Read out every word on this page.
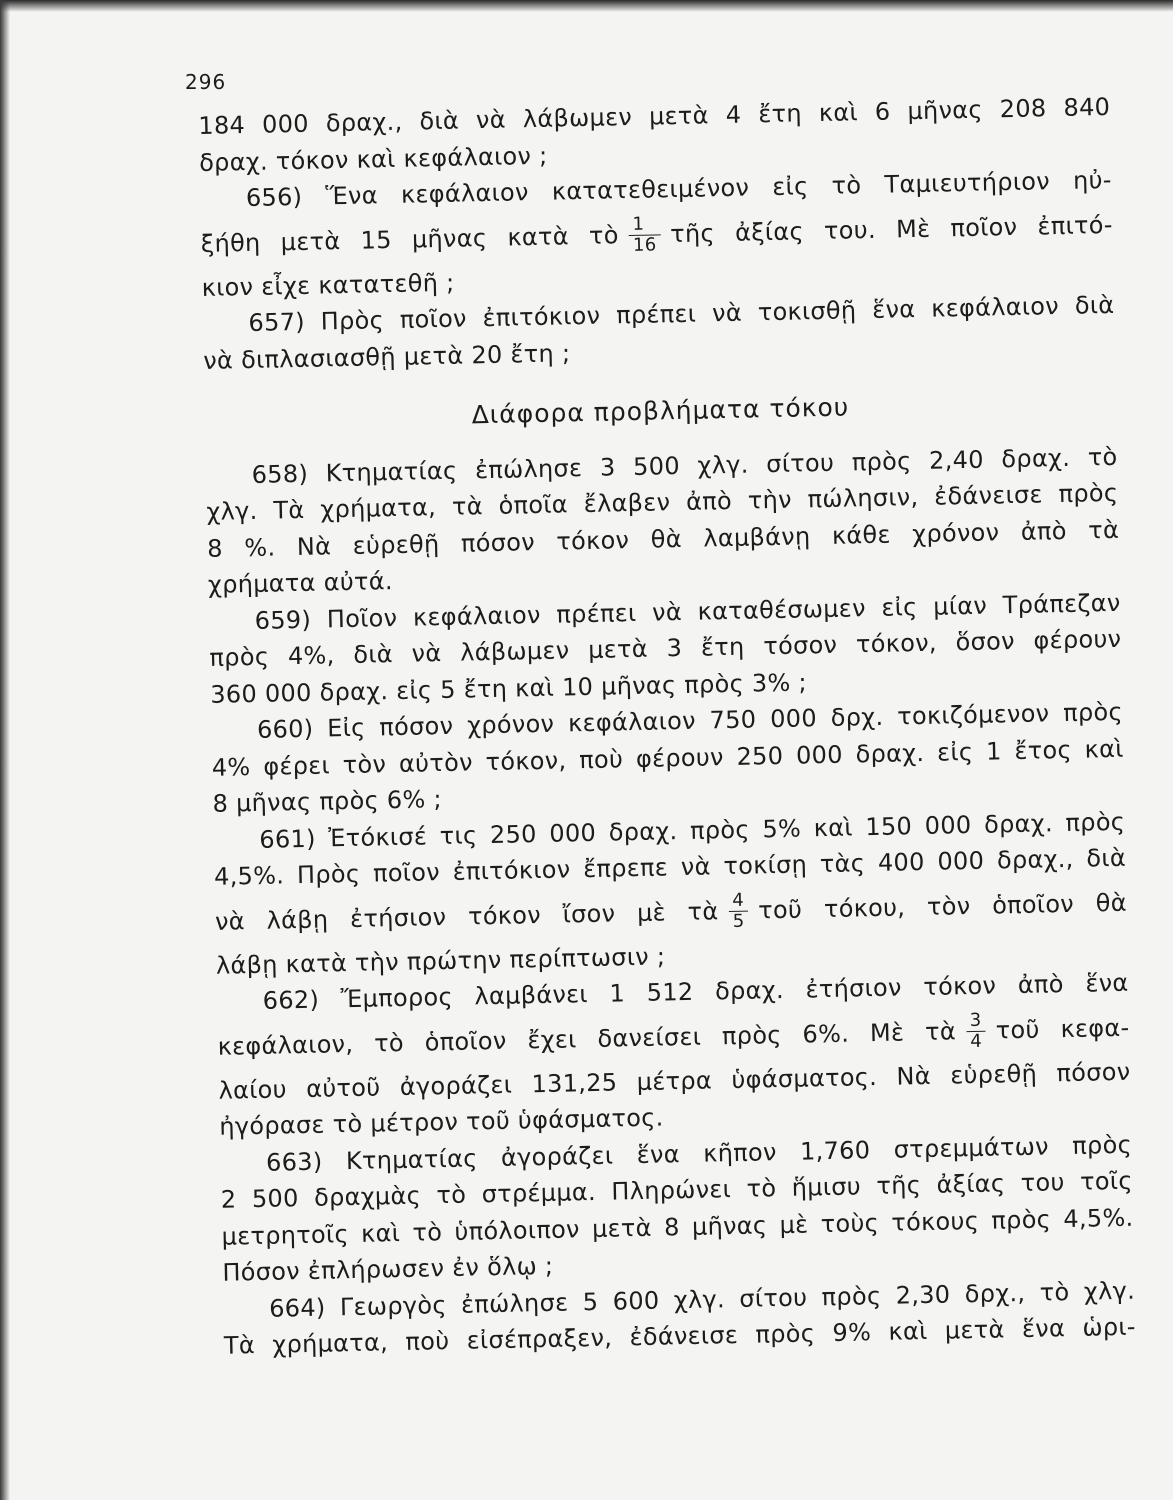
296
184 000 δραχ., διὰ νὰ λάβωμεν μετὰ 4 ἔτη καὶ 6 μῆνας 208 840
δραχ. τόκον καὶ κεφάλαιον ;
656) Ἕνα κεφάλαιον κατατεθειμένον εἰς τὸ Ταμιευτήριον ηὐ-
ξήθη μετὰ 15 μῆνας κατὰ τὸ $\frac{1}{16}$ τῆς ἀξίας του. Μὲ ποῖον ἐπιτό-
κιον εἶχε κατατεθῆ ;
657) Πρὸς ποῖον ἐπιτόκιον πρέπει νὰ τοκισθῇ ἕνα κεφάλαιον διὰ
νὰ διπλασιασθῇ μετὰ 20 ἔτη ;
Διάφορα προβλήματα τόκου
658) Κτηματίας ἐπώλησε 3 500 χλγ. σίτου πρὸς 2,40 δραχ. τὸ
χλγ. Τὰ χρήματα, τὰ ὁποῖα ἔλαβεν ἀπὸ τὴν πώλησιν, ἐδάνεισε πρὸς
8 %. Νὰ εὑρεθῇ πόσον τόκον θὰ λαμβάνῃ κάθε χρόνον ἀπὸ τὰ
χρήματα αὐτά.
659) Ποῖον κεφάλαιον πρέπει νὰ καταθέσωμεν εἰς μίαν Τράπεζαν
πρὸς 4%, διὰ νὰ λάβωμεν μετὰ 3 ἔτη τόσον τόκον, ὅσον φέρουν
360 000 δραχ. εἰς 5 ἔτη καὶ 10 μῆνας πρὸς 3% ;
660) Εἰς πόσον χρόνον κεφάλαιον 750 000 δρχ. τοκιζόμενον πρὸς
4% φέρει τὸν αὐτὸν τόκον, ποὺ φέρουν 250 000 δραχ. εἰς 1 ἔτος καὶ
8 μῆνας πρὸς 6% ;
661) Ἐτόκισέ τις 250 000 δραχ. πρὸς 5% καὶ 150 000 δραχ. πρὸς
4,5%. Πρὸς ποῖον ἐπιτόκιον ἔπρεπε νὰ τοκίσῃ τὰς 400 000 δραχ., διὰ
νὰ λάβῃ ἐτήσιον τόκον ἴσον μὲ τὰ $\frac{4}{5}$ τοῦ τόκου, τὸν ὁποῖον θὰ
λάβῃ κατὰ τὴν πρώτην περίπτωσιν ;
662) Ἔμπορος λαμβάνει 1 512 δραχ. ἐτήσιον τόκον ἀπὸ ἕνα
κεφάλαιον, τὸ ὁποῖον ἔχει δανείσει πρὸς 6%. Μὲ τὰ $\frac{3}{4}$ τοῦ κεφα-
λαίου αὐτοῦ ἀγοράζει 131,25 μέτρα ὑφάσματος. Νὰ εὑρεθῇ πόσον
ἠγόρασε τὸ μέτρον τοῦ ὑφάσματος.
663) Κτηματίας ἀγοράζει ἕνα κῆπον 1,760 στρεμμάτων πρὸς
2 500 δραχμὰς τὸ στρέμμα. Πληρώνει τὸ ἥμισυ τῆς ἀξίας του τοῖς
μετρητοῖς καὶ τὸ ὑπόλοιπον μετὰ 8 μῆνας μὲ τοὺς τόκους πρὸς 4,5%.
Πόσον ἐπλήρωσεν ἐν ὅλῳ ;
664) Γεωργὸς ἐπώλησε 5 600 χλγ. σίτου πρὸς 2,30 δρχ., τὸ χλγ.
Τὰ χρήματα, ποὺ εἰσέπραξεν, ἐδάνεισε πρὸς 9% καὶ μετὰ ἕνα ὡρι-
